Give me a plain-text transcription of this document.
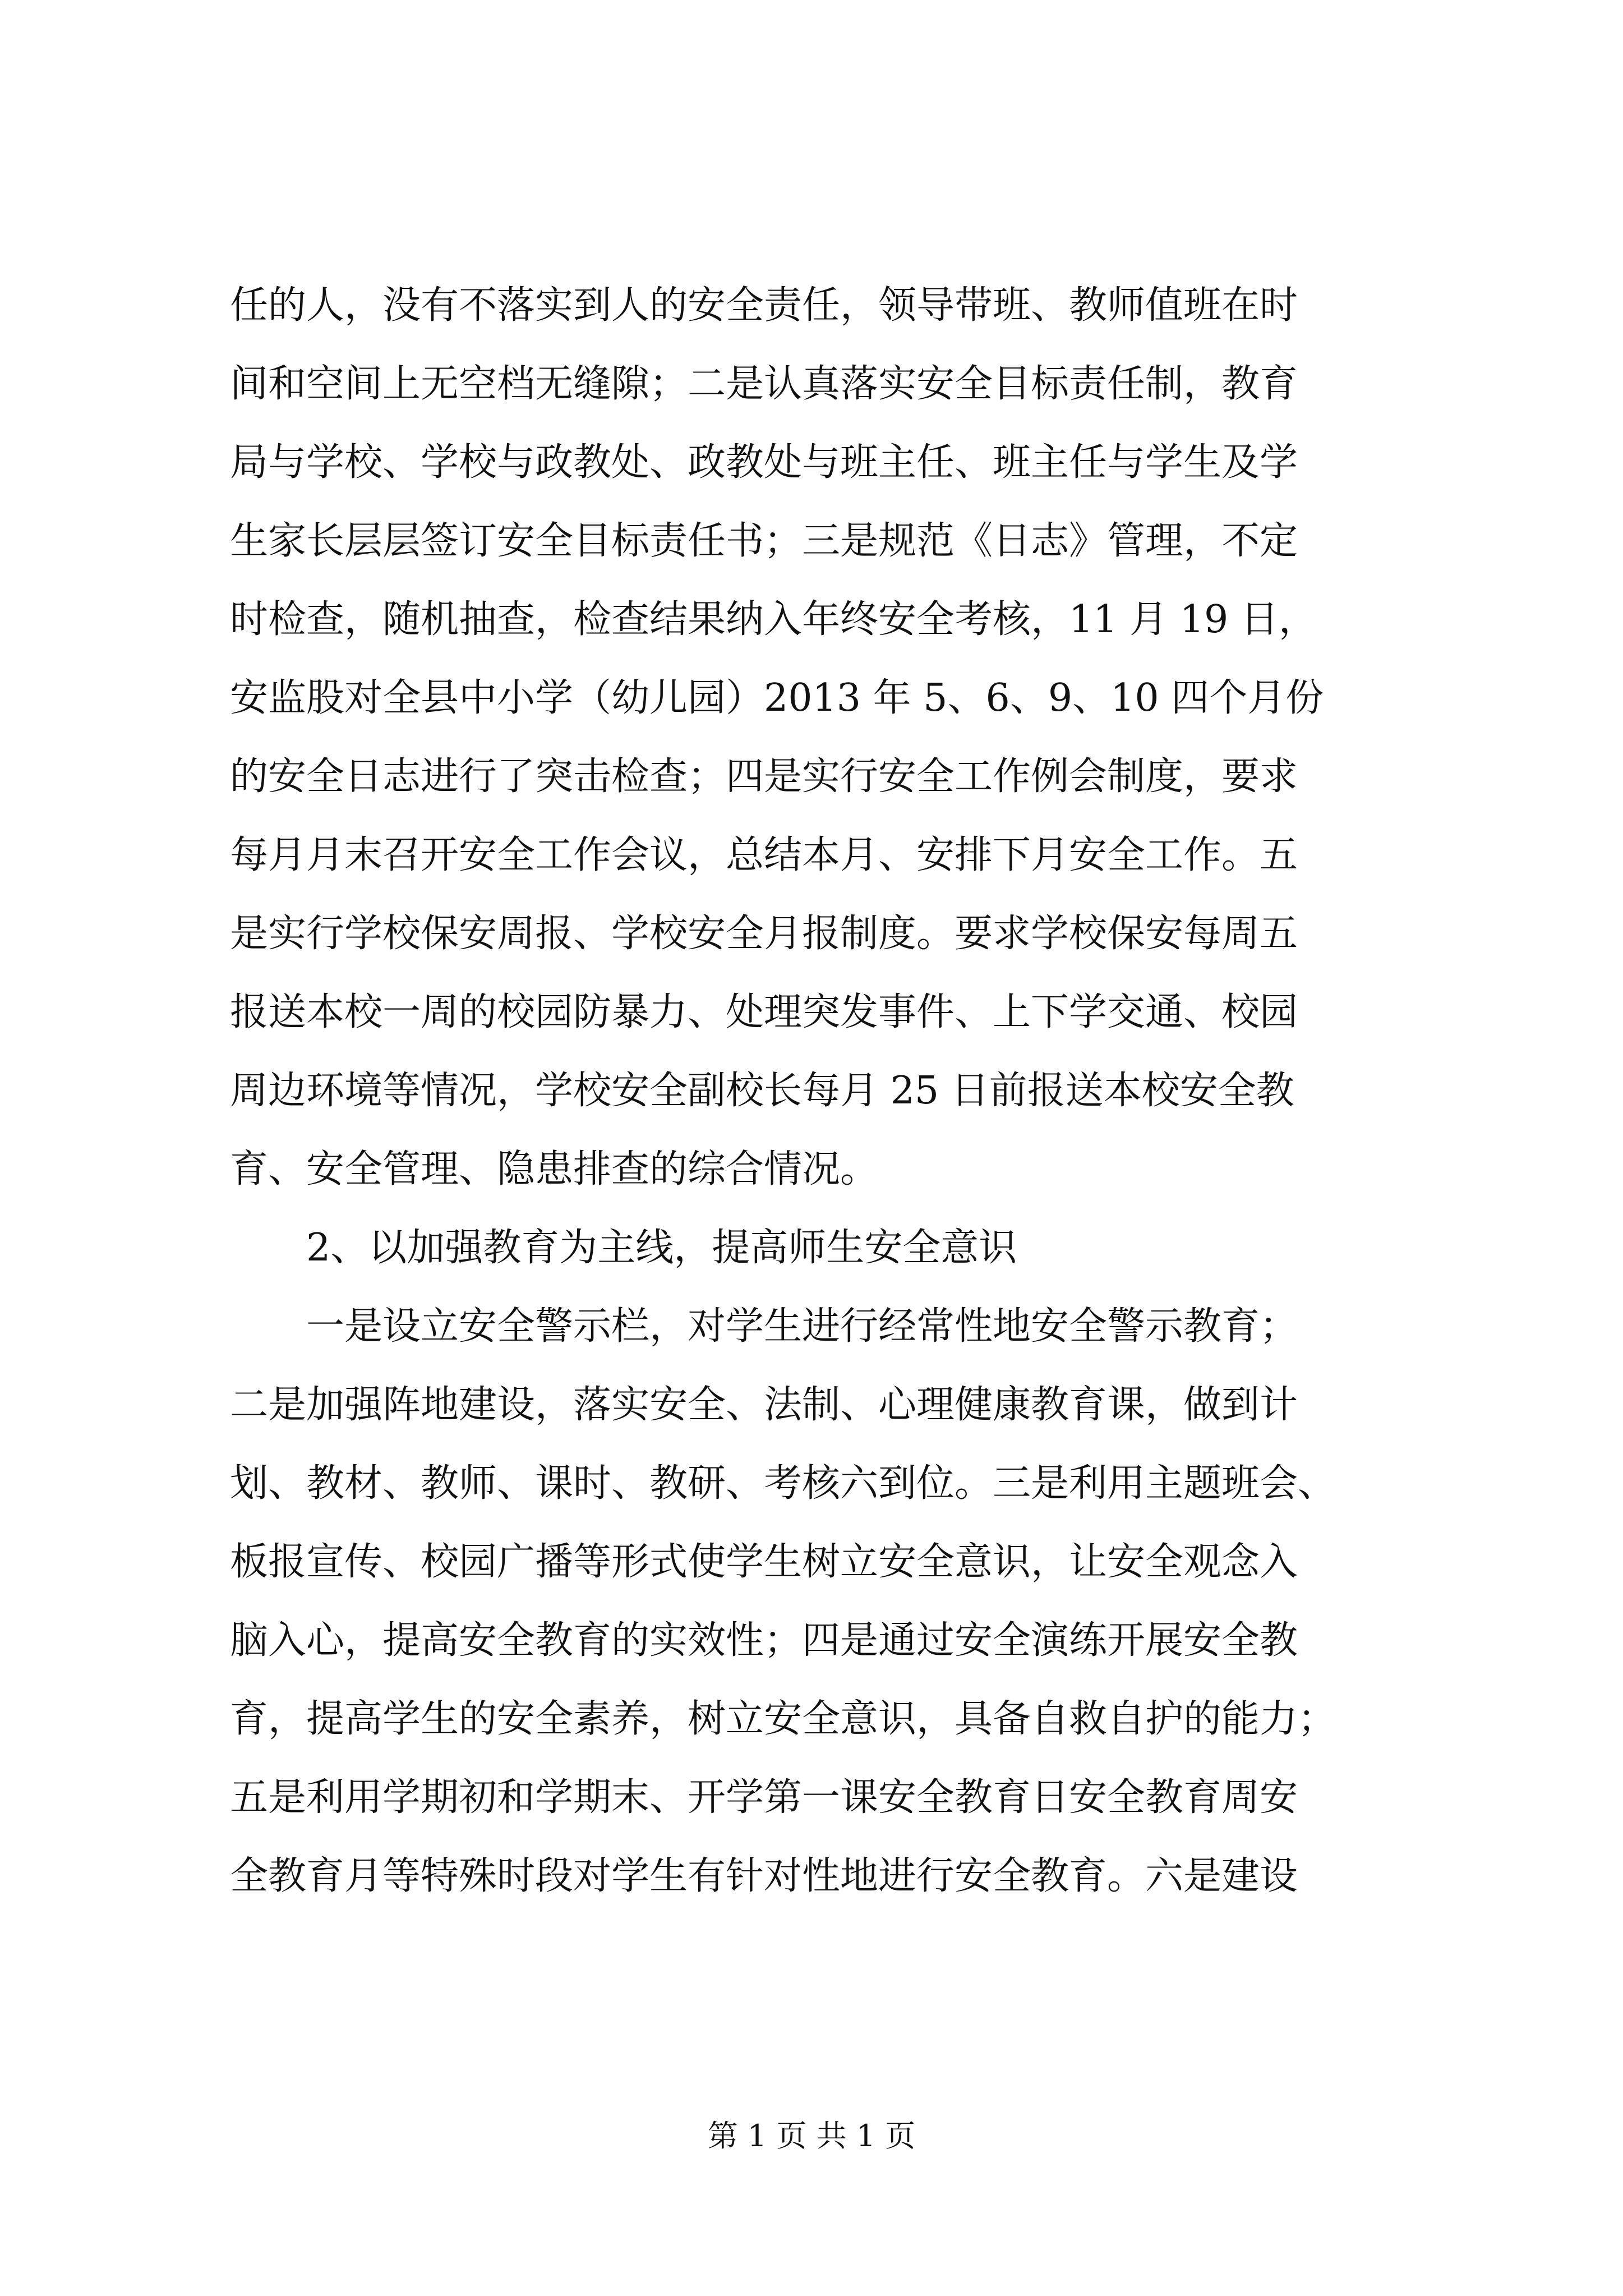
任的人，没有不落实到人的安全责任，领导带班、教师值班在时
间和空间上无空档无缝隙；二是认真落实安全目标责任制，教育
局与学校、学校与政教处、政教处与班主任、班主任与学生及学
生家长层层签订安全目标责任书；三是规范《日志》管理，不定
时检查，随机抽查，检查结果纳入年终安全考核，11 月 19 日，
安监股对全县中小学（幼儿园）2013 年 5、6、9、10 四个月份
的安全日志进行了突击检查；四是实行安全工作例会制度，要求
每月月末召开安全工作会议，总结本月、安排下月安全工作。五
是实行学校保安周报、学校安全月报制度。要求学校保安每周五
报送本校一周的校园防暴力、处理突发事件、上下学交通、校园
周边环境等情况，学校安全副校长每月 25 日前报送本校安全教
育、安全管理、隐患排查的综合情况。
2、以加强教育为主线，提高师生安全意识
一是设立安全警示栏，对学生进行经常性地安全警示教育；
二是加强阵地建设，落实安全、法制、心理健康教育课，做到计
划、教材、教师、课时、教研、考核六到位。三是利用主题班会、
板报宣传、校园广播等形式使学生树立安全意识，让安全观念入
脑入心，提高安全教育的实效性；四是通过安全演练开展安全教
育，提高学生的安全素养，树立安全意识，具备自救自护的能力；
五是利用学期初和学期末、开学第一课安全教育日安全教育周安
全教育月等特殊时段对学生有针对性地进行安全教育。六是建设
第 1 页 共 1 页
